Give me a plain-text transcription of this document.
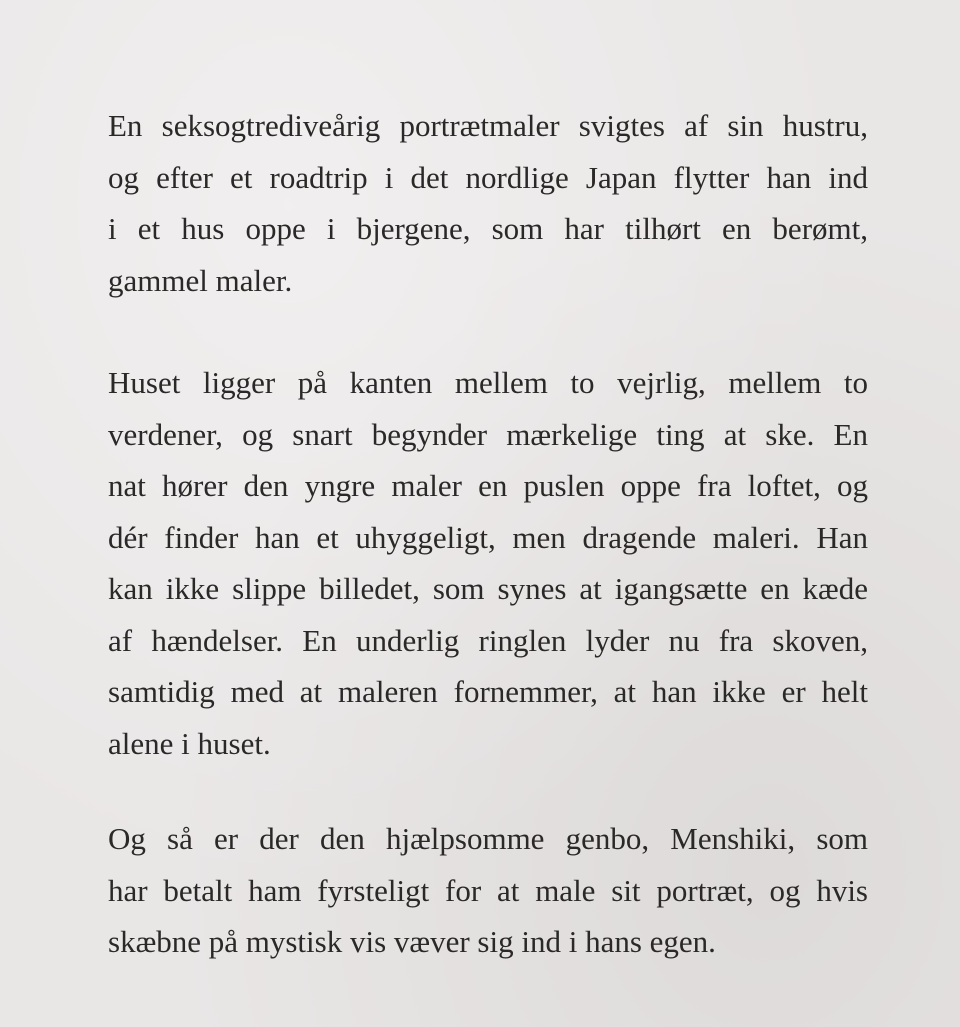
En seksogtrediveårig portrætmaler svigtes af sin hustru,
og efter et roadtrip i det nordlige Japan flytter han ind
i et hus oppe i bjergene, som har tilhørt en berømt,
gammel maler.

Huset ligger på kanten mellem to vejrlig, mellem to
verdener, og snart begynder mærkelige ting at ske. En
nat hører den yngre maler en puslen oppe fra loftet, og
dér finder han et uhyggeligt, men dragende maleri. Han
kan ikke slippe billedet, som synes at igangsætte en kæde
af hændelser. En underlig ringlen lyder nu fra skoven,
samtidig med at maleren fornemmer, at han ikke er helt
alene i huset.

Og så er der den hjælpsomme genbo, Menshiki, som
har betalt ham fyrsteligt for at male sit portræt, og hvis
skæbne på mystisk vis væver sig ind i hans egen.
